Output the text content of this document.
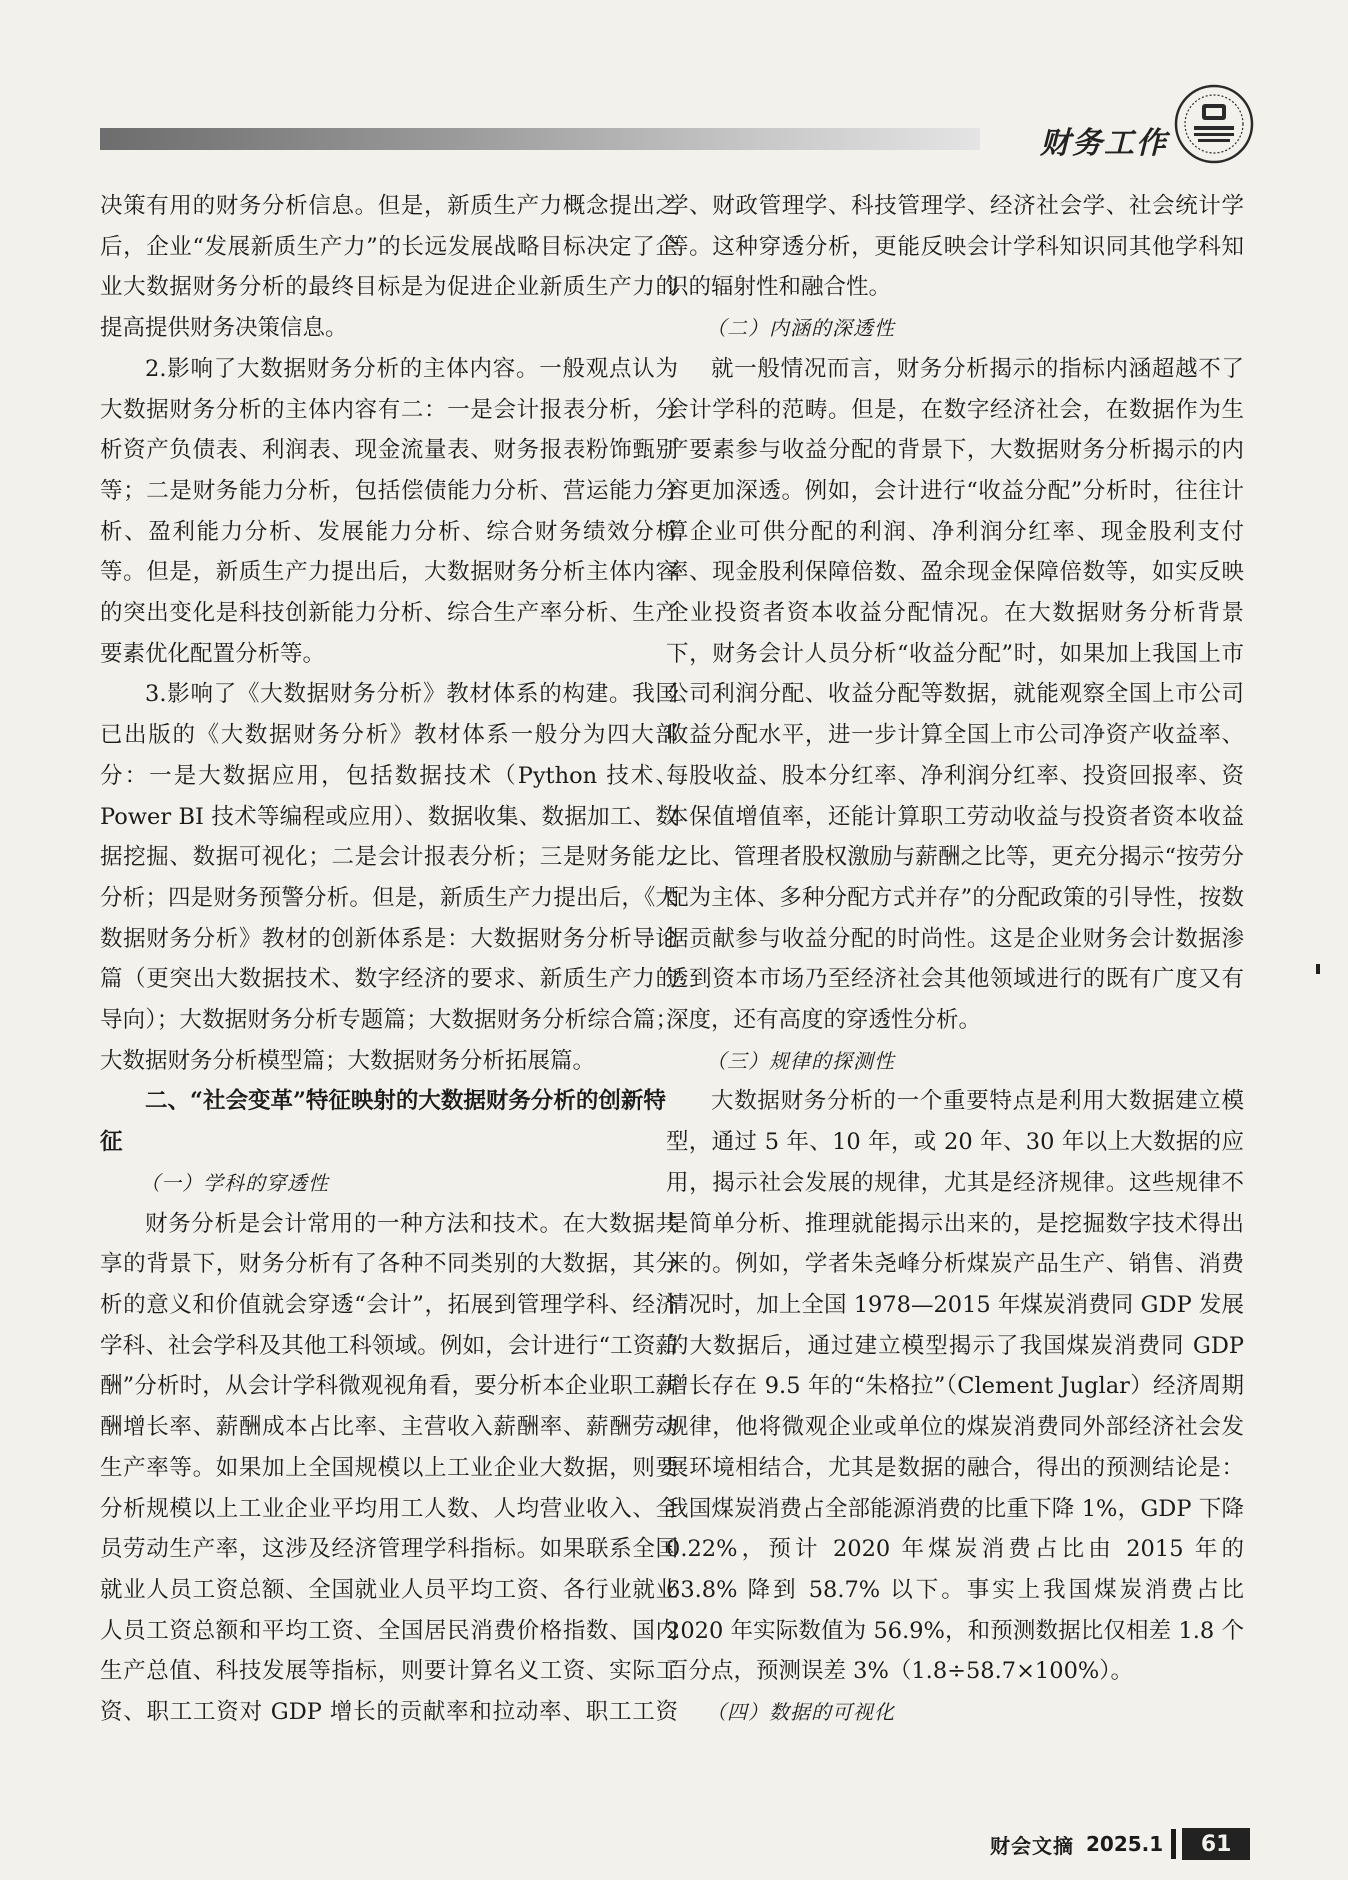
财务工作

决策有用的财务分析信息。但是，新质生产力概念提出之后，企业“发展新质生产力”的长远发展战略目标决定了企业大数据财务分析的最终目标是为促进企业新质生产力的提高提供财务决策信息。

2.影响了大数据财务分析的主体内容。一般观点认为大数据财务分析的主体内容有二：一是会计报表分析，分析资产负债表、利润表、现金流量表、财务报表粉饰甄别等；二是财务能力分析，包括偿债能力分析、营运能力分析、盈利能力分析、发展能力分析、综合财务绩效分析等。但是，新质生产力提出后，大数据财务分析主体内容的突出变化是科技创新能力分析、综合生产率分析、生产要素优化配置分析等。

3.影响了《大数据财务分析》教材体系的构建。我国已出版的《大数据财务分析》教材体系一般分为四大部分：一是大数据应用，包括数据技术（Python 技术、Power BI 技术等编程或应用）、数据收集、数据加工、数据挖掘、数据可视化；二是会计报表分析；三是财务能力分析；四是财务预警分析。但是，新质生产力提出后，《大数据财务分析》教材的创新体系是：大数据财务分析导论篇（更突出大数据技术、数字经济的要求、新质生产力的导向）；大数据财务分析专题篇；大数据财务分析综合篇；大数据财务分析模型篇；大数据财务分析拓展篇。

二、“社会变革”特征映射的大数据财务分析的创新特征
（一）学科的穿透性

财务分析是会计常用的一种方法和技术。在大数据共享的背景下，财务分析有了各种不同类别的大数据，其分析的意义和价值就会穿透“会计”，拓展到管理学科、经济学科、社会学科及其他工科领域。例如，会计进行“工资薪酬”分析时，从会计学科微观视角看，要分析本企业职工薪酬增长率、薪酬成本占比率、主营收入薪酬率、薪酬劳动生产率等。如果加上全国规模以上工业企业大数据，则要分析规模以上工业企业平均用工人数、人均营业收入、全员劳动生产率，这涉及经济管理学科指标。如果联系全国就业人员工资总额、全国就业人员平均工资、各行业就业人员工资总额和平均工资、全国居民消费价格指数、国内生产总值、科技发展等指标，则要计算名义工资、实际工资、职工工资对 GDP 增长的贡献率和拉动率、职工工资

学、财政管理学、科技管理学、经济社会学、社会统计学等。这种穿透分析，更能反映会计学科知识同其他学科知识的辐射性和融合性。

（二）内涵的深透性

就一般情况而言，财务分析揭示的指标内涵超越不了会计学科的范畴。但是，在数字经济社会，在数据作为生产要素参与收益分配的背景下，大数据财务分析揭示的内容更加深透。例如，会计进行“收益分配”分析时，往往计算企业可供分配的利润、净利润分红率、现金股利支付率、现金股利保障倍数、盈余现金保障倍数等，如实反映企业投资者资本收益分配情况。在大数据财务分析背景下，财务会计人员分析“收益分配”时，如果加上我国上市公司利润分配、收益分配等数据，就能观察全国上市公司收益分配水平，进一步计算全国上市公司净资产收益率、每股收益、股本分红率、净利润分红率、投资回报率、资本保值增值率，还能计算职工劳动收益与投资者资本收益之比、管理者股权激励与薪酬之比等，更充分揭示“按劳分配为主体、多种分配方式并存”的分配政策的引导性，按数据贡献参与收益分配的时尚性。这是企业财务会计数据渗透到资本市场乃至经济社会其他领域进行的既有广度又有深度，还有高度的穿透性分析。

（三）规律的探测性

大数据财务分析的一个重要特点是利用大数据建立模型，通过 5 年、10 年，或 20 年、30 年以上大数据的应用，揭示社会发展的规律，尤其是经济规律。这些规律不是简单分析、推理就能揭示出来的，是挖掘数字技术得出来的。例如，学者朱尧峰分析煤炭产品生产、销售、消费情况时，加上全国 1978—2015 年煤炭消费同 GDP 发展的大数据后，通过建立模型揭示了我国煤炭消费同 GDP 增长存在 9.5 年的“朱格拉”（Clement Juglar）经济周期规律，他将微观企业或单位的煤炭消费同外部经济社会发展环境相结合，尤其是数据的融合，得出的预测结论是：我国煤炭消费占全部能源消费的比重下降 1%，GDP 下降 0.22%，预计 2020 年煤炭消费占比由 2015 年的 63.8% 降到 58.7% 以下。事实上我国煤炭消费占比 2020 年实际数值为 56.9%，和预测数据比仅相差 1.8 个百分点，预测误差 3%（1.8÷58.7×100%）。

（四）数据的可视化

财会文摘 2025.1	61
